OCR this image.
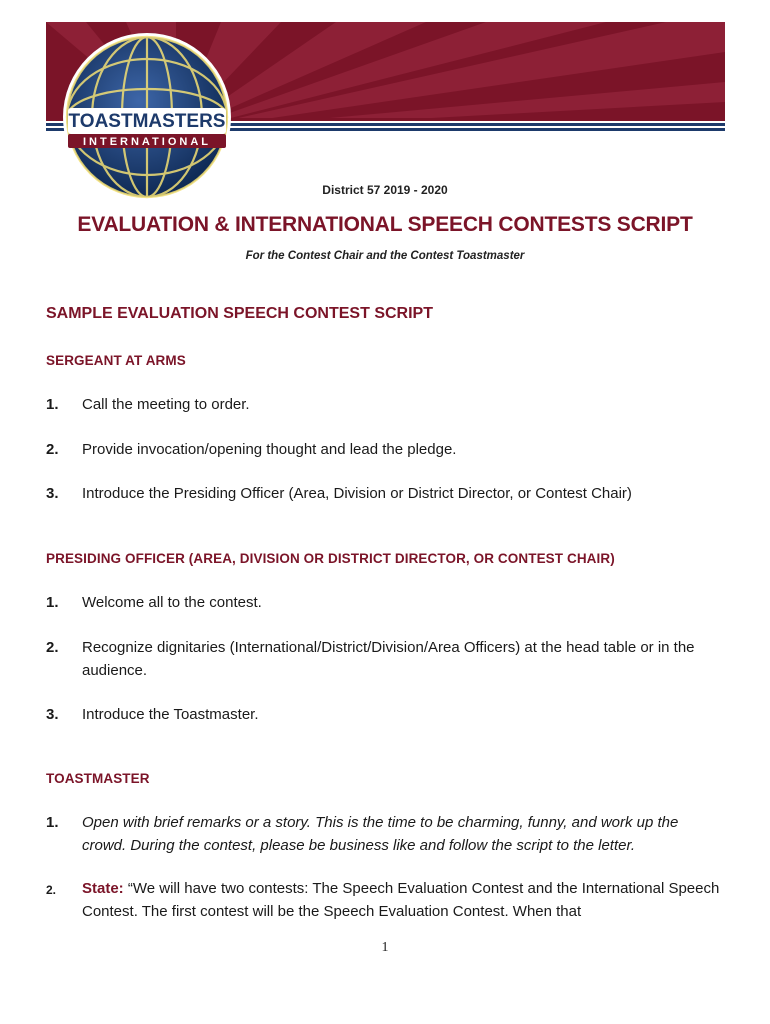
TOASTMASTERS
INTERNATIONAL
District 57 2019 - 2020
EVALUATION & INTERNATIONAL SPEECH CONTESTS SCRIPT
For the Contest Chair and the Contest Toastmaster
SAMPLE EVALUATION SPEECH CONTEST SCRIPT
SERGEANT AT ARMS
1. Call the meeting to order.
2. Provide invocation/opening thought and lead the pledge.
3. Introduce the Presiding Officer (Area, Division or District Director, or Contest Chair)
PRESIDING OFFICER (AREA, DIVISION OR DISTRICT DIRECTOR, OR CONTEST CHAIR)
1. Welcome all to the contest.
2. Recognize dignitaries (International/District/Division/Area Officers) at the head table or in the audience.
3. Introduce the Toastmaster.
TOASTMASTER
1. Open with brief remarks or a story. This is the time to be charming, funny, and work up the crowd. During the contest, please be business like and follow the script to the letter.
2. State: “We will have two contests: The Speech Evaluation Contest and the International Speech Contest. The first contest will be the Speech Evaluation Contest. When that
1
